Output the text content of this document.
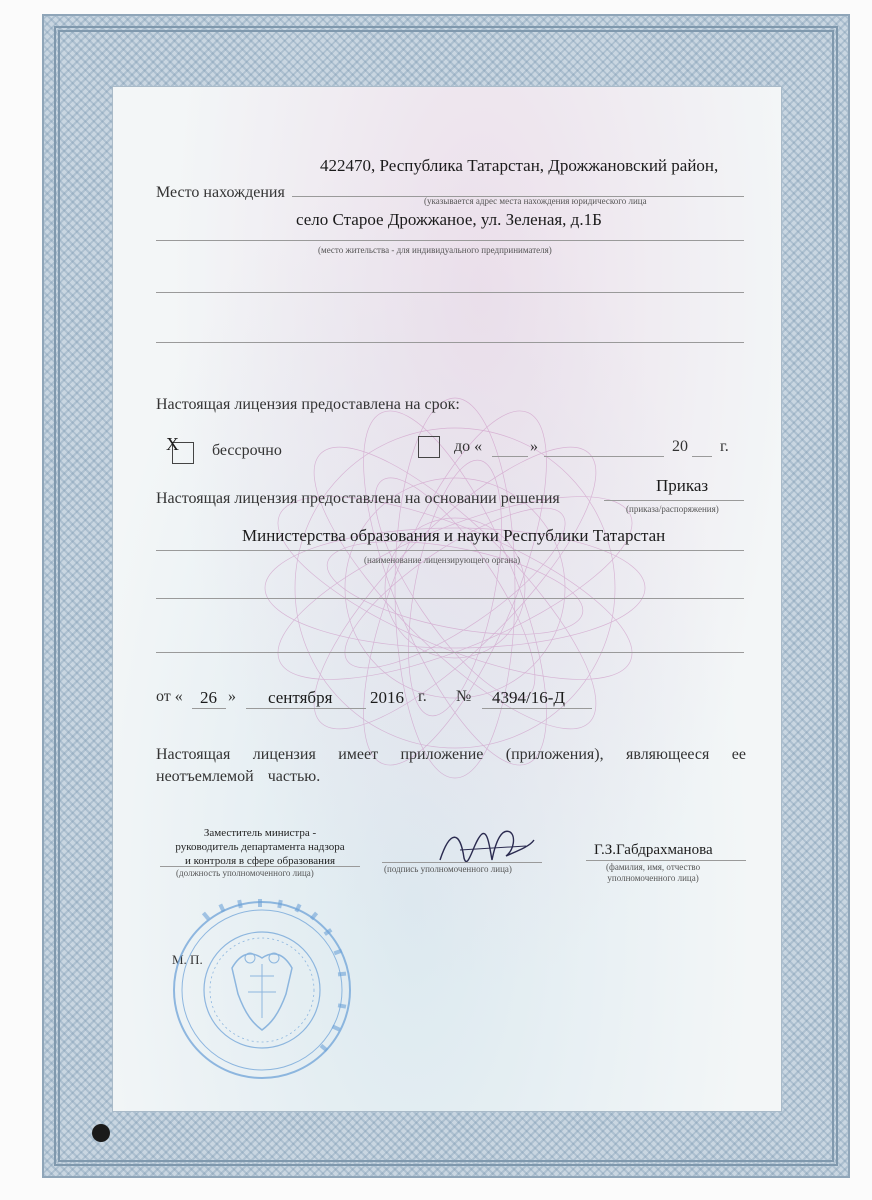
422470, Республика Татарстан, Дрожжановский район,
Место нахождения	(указывается адрес места нахождения юридического лица
село Старое Дрожжаное, ул. Зеленая, д.1Б
(место жительства - для индивидуального предпринимателя)
Настоящая лицензия предоставлена на срок:
Х бессрочно	до «	»	20 г.
Настоящая лицензия предоставлена на основании решения
Приказ
(приказа/распоряжения)
Министерства образования и науки Республики Татарстан
(наименование лицензирующего органа)
от « 26 » сентября 2016 г. № 4394/16-Д
Настоящая лицензия имеет приложение (приложения), являющееся ее
неотъемлемой частью.
Заместитель министра -
руководитель департамента надзора
и контроля в сфере образования
(должность уполномоченного лица)	(подпись уполномоченного лица)
Г.З.Габдрахманова
(фамилия, имя, отчество
уполномоченного лица)
М. П.
